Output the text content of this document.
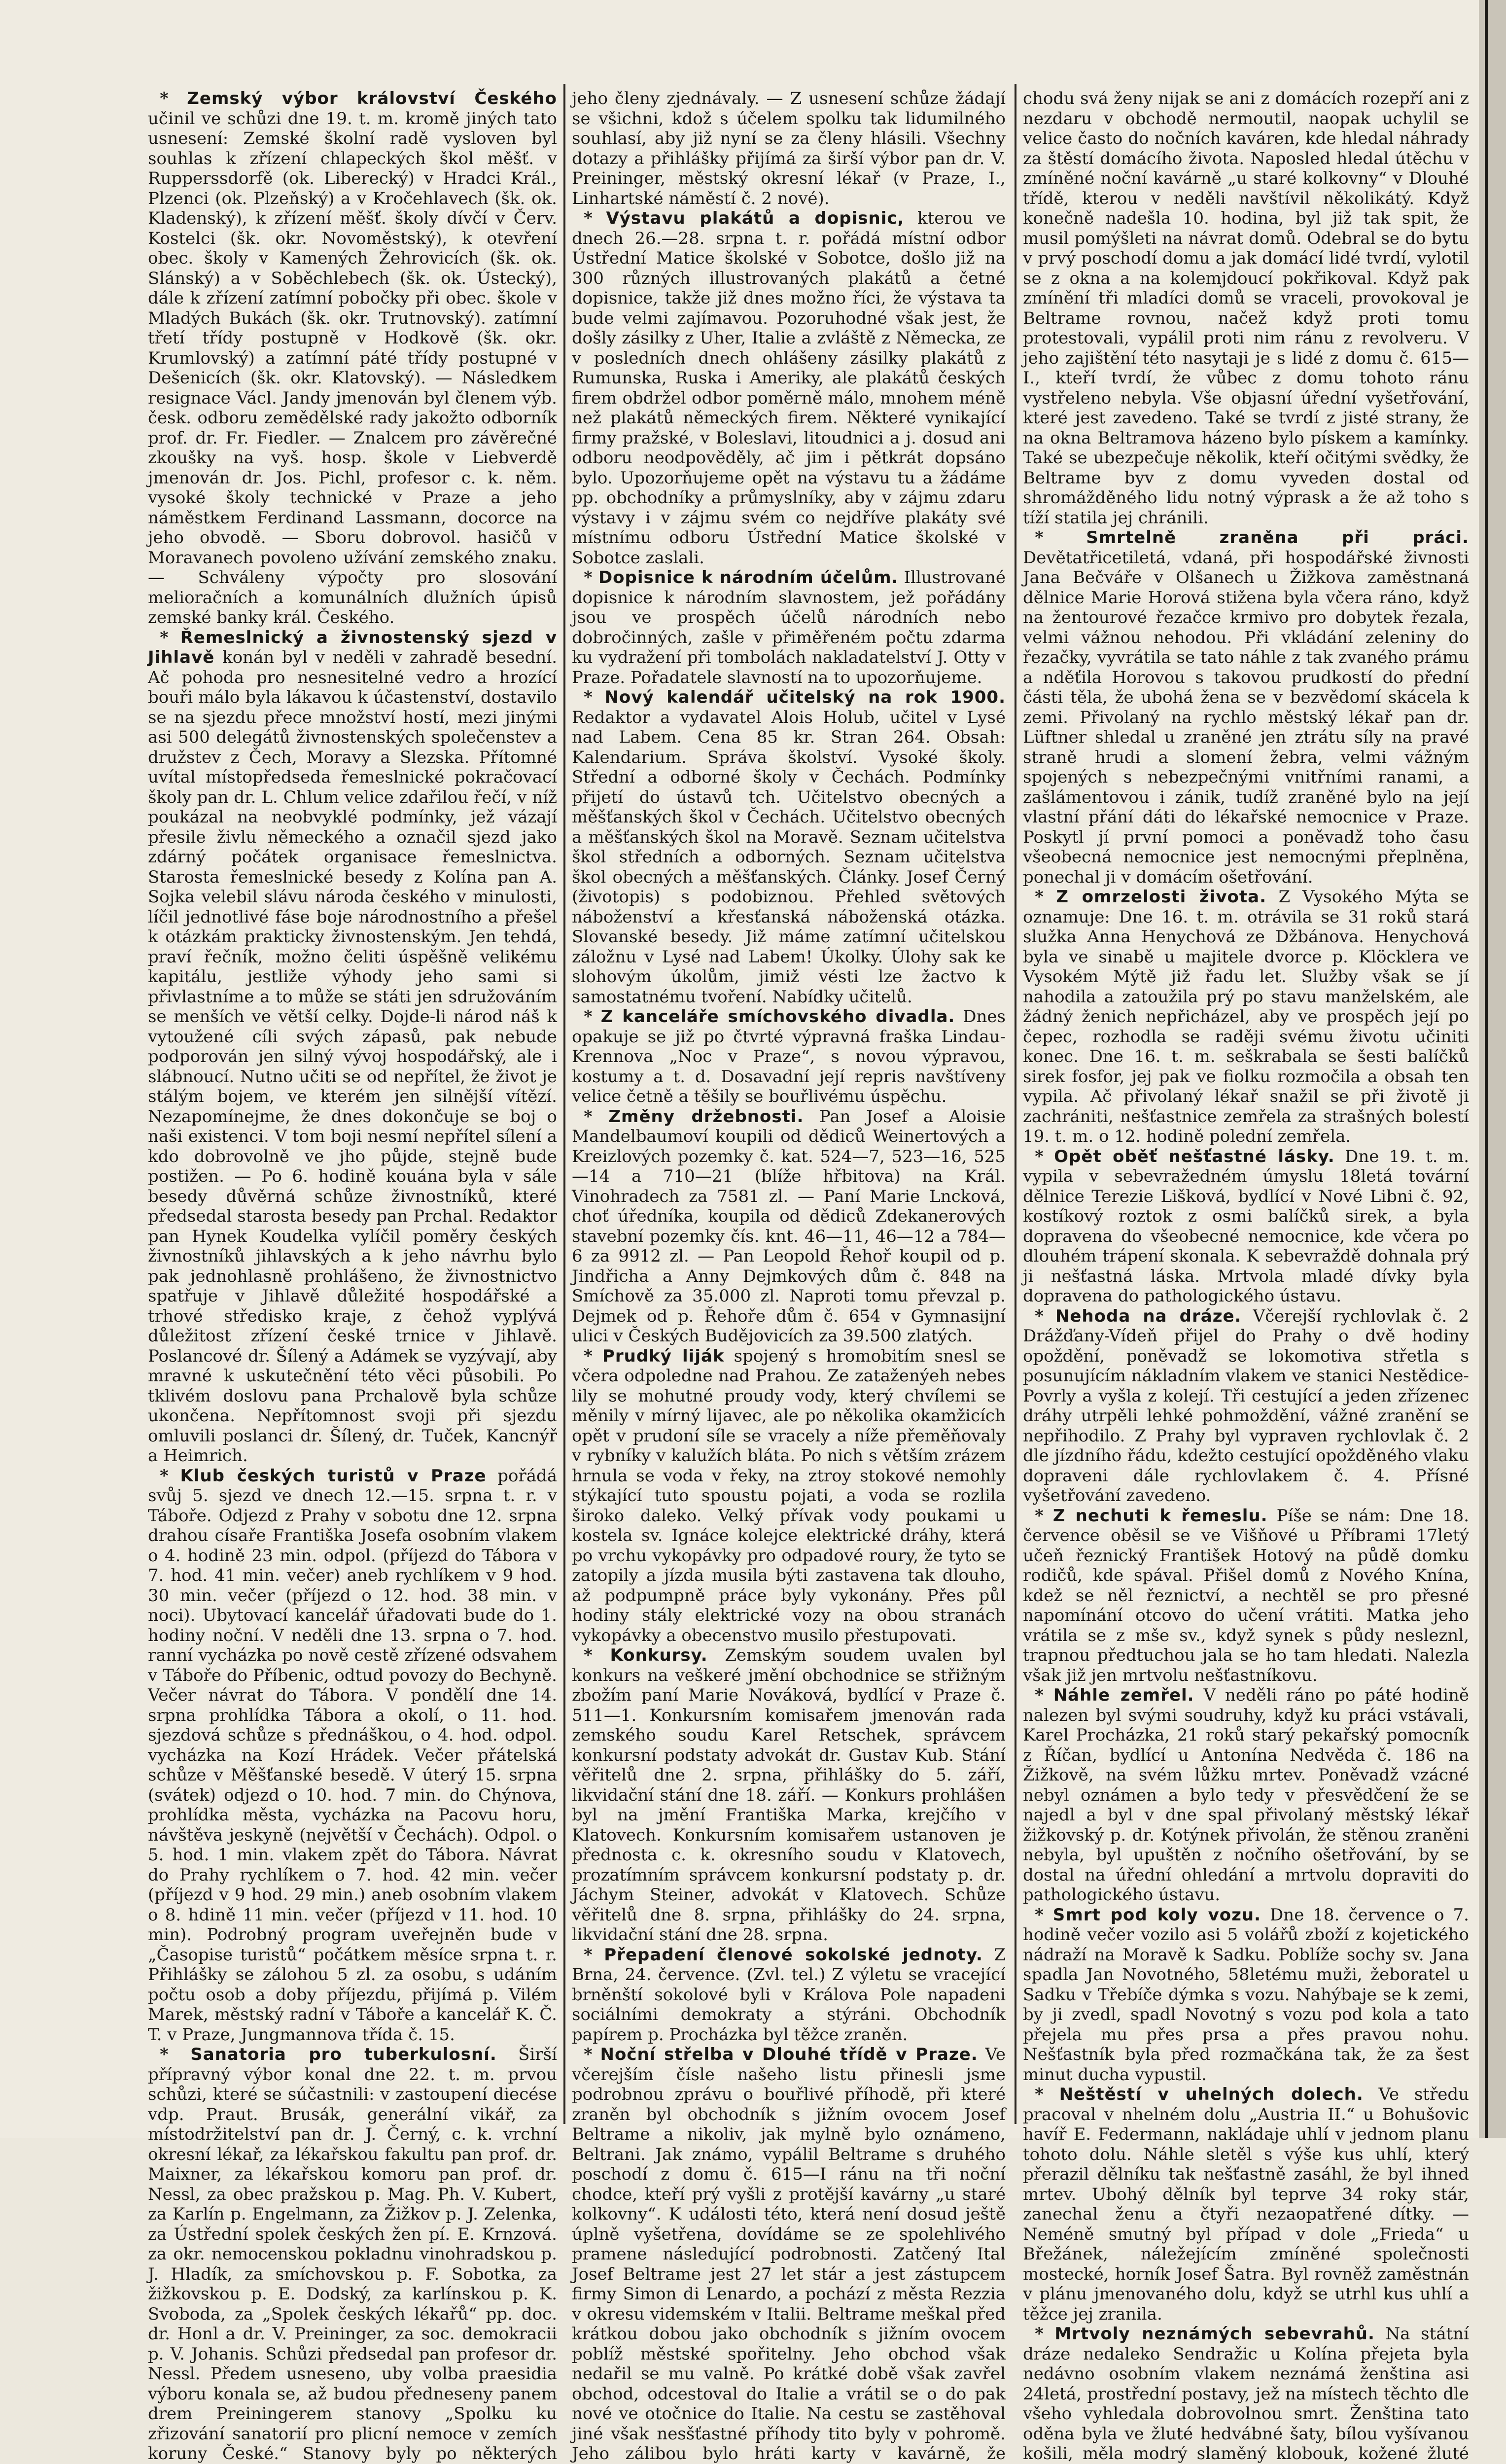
* Zemský výbor království Českého učinil ve schůzi dne 19. t. m. kromě jiných tato usnesení: Zemské školní radě vysloven byl souhlas k zřízení chlapeckých škol měšť. v Rupperssdorfě (ok. Liberecký) v Hradci Král., Plzenci (ok. Plzeňský) a v Kročehlavech (šk. ok. Kladenský), k zřízení měšť. školy dívčí v Červ. Kostelci (šk. okr. Novoměstský), k otevření obec. školy v Kamených Žehrovicích (šk. ok. Slánský) a v Soběchlebech (šk. ok. Ústecký), dále k zřízení zatímní pobočky při obec. škole v Mladých Bukách (šk. okr. Trutnovský). zatímní třetí třídy postupně v Hodkově (šk. okr. Krumlovský) a zatímní páté třídy postupné v Dešenicích (šk. okr. Klatovský). — Následkem resignace Václ. Jandy jmenován byl členem výb. česk. odboru zemědělské rady jakožto odborník prof. dr. Fr. Fiedler. — Znalcem pro závěrečné zkoušky na vyš. hosp. škole v Liebverdě jmenován dr. Jos. Pichl, profesor c. k. něm. vysoké školy technické v Praze a jeho náměstkem Ferdinand Lassmann, docorce na jeho obvodě. — Sboru dobrovol. hasičů v Moravanech povoleno užívání zemského znaku. — Schváleny výpočty pro slosování melioračních a komunálních dlužních úpisů zemské banky král. Českého.

* Řemeslnický a živnostenský sjezd v Jihlavě konán byl v neděli v zahradě besední. Ač pohoda pro nesnesitelné vedro a hrozící bouři málo byla lákavou k účastenství, dostavilo se na sjezdu přece množství hostí, mezi jinými asi 500 delegátů živnostenských společenstev a družstev z Čech, Moravy a Slezska. Přítomné uvítal místopředseda řemeslnické pokračovací školy pan dr. L. Chlum velice zdařilou řečí, v níž poukázal na neobvyklé podmínky, jež vázají přesile živlu německého a označil sjezd jako zdárný počátek organisace řemeslnictva. Starosta řemeslnické besedy z Kolína pan A. Sojka velebil slávu národa českého v minulosti, líčil jednotlivé fáse boje národnostního a přešel k otázkám prakticky živnostenským. Jen tehdá, praví řečník, možno čeliti úspěšně velikému kapitálu, jestliže výhody jeho sami si přivlastníme a to může se státi jen sdružováním se menších ve větší celky. Dojde-li národ náš k vytoužené cíli svých zápasů, pak nebude podporován jen silný vývoj hospodářský, ale i slábnoucí. Nutno učiti se od nepřítel, že život je stálým bojem, ve kterém jen silnější vítězí. Nezapomínejme, že dnes dokončuje se boj o naši existenci. V tom boji nesmí nepřítel sílení a kdo dobrovolně ve jho půjde, stejně bude postižen. — Po 6. hodině kouána byla v sále besedy důvěrná schůze živnostníků, které předsedal starosta besedy pan Prchal. Redaktor pan Hynek Koudelka vylíčil poměry českých živnostníků jihlavských a k jeho návrhu bylo pak jednohlasně prohlášeno, že živnostnictvo spatřuje v Jihlavě důležité hospodářské a trhové středisko kraje, z čehož vyplývá důležitost zřízení české trnice v Jihlavě. Poslancové dr. Šílený a Adámek se vyzývají, aby mravné k uskutečnění této věci působili. Po tklivém doslovu pana Prchalově byla schůze ukončena. Nepřítomnost svoji při sjezdu omluvili poslanci dr. Šílený, dr. Tuček, Kancnýř a Heimrich.

* Klub českých turistů v Praze pořádá svůj 5. sjezd ve dnech 12.—15. srpna t. r. v Táboře. Odjezd z Prahy v sobotu dne 12. srpna drahou císaře Františka Josefa osobním vlakem o 4. hodině 23 min. odpol. (příjezd do Tábora v 7. hod. 41 min. večer) aneb rychlíkem v 9 hod. 30 min. večer (příjezd o 12. hod. 38 min. v noci). Ubytovací kancelář úřadovati bude do 1. hodiny noční. V neděli dne 13. srpna o 7. hod. ranní vycházka po nově cestě zřízené odsvahem v Táboře do Příbenic, odtud povozy do Bechyně. Večer návrat do Tábora. V pondělí dne 14. srpna prohlídka Tábora a okolí, o 11. hod. sjezdová schůze s přednáškou, o 4. hod. odpol. vycházka na Kozí Hrádek. Večer přátelská schůze v Měšťanské besedě. V úterý 15. srpna (svátek) odjezd o 10. hod. 7 min. do Chýnova, prohlídka města, vycházka na Pacovu horu, návštěva jeskyně (největší v Čechách). Odpol. o 5. hod. 1 min. vlakem zpět do Tábora. Návrat do Prahy rychlíkem o 7. hod. 42 min. večer (příjezd v 9 hod. 29 min.) aneb osobním vlakem o 8. hdině 11 min. večer (příjezd v 11. hod. 10 min). Podrobný program uveřejněn bude v „Časopise turistů“ počátkem měsíce srpna t. r. Přihlášky se zálohou 5 zl. za osobu, s udáním počtu osob a doby příjezdu, přijímá p. Vilém Marek, městský radní v Táboře a kancelář K. Č. T. v Praze, Jungmannova třída č. 15.

* Sanatoria pro tuberkulosní. Širší přípravný výbor konal dne 22. t. m. prvou schůzi, které se súčastnili: v zastoupení diecése vdp. Praut. Brusák, generální vikář, za místodržitelství pan dr. J. Černý, c. k. vrchní okresní lékař, za lékařskou fakultu pan prof. dr. Maixner, za lékařskou komoru pan prof. dr. Nessl, za obec pražskou p. Mag. Ph. V. Kubert, za Karlín p. Engelmann, za Žižkov p. J. Zelenka, za Ústřední spolek českých žen pí. E. Krnzová. za okr. nemocenskou pokladnu vinohradskou p. J. Hladík, za smíchovskou p. F. Sobotka, za žižkovskou p. E. Dodský, za karlínskou p. K. Svoboda, za „Spolek českých lékařů“ pp. doc. dr. Honl a dr. V. Preininger, za soc. demokracii p. V. Johanis. Schůzi předsedal pan profesor dr. Nessl. Předem usneseno, uby volba praesidia výboru konala se, až budou předneseny panem drem Preiningerem stanovy „Spolku ku zřizování sanatorií pro plicní nemoce v zemích koruny České.“ Stanovy byly po některých

jeho členy zjednávaly. — Z usnesení schůze žádají se všichni, kdož s účelem spolku tak lidumilného souhlasí, aby již nyní se za členy hlásili. Všechny dotazy a přihlášky přijímá za širší výbor pan dr. V. Preininger, městský okresní lékař (v Praze, I., Linhartské náměstí č. 2 nové).

* Výstavu plakátů a dopisnic, kterou ve dnech 26.—28. srpna t. r. pořádá místní odbor Ústřední Matice školské v Sobotce, došlo již na 300 různých illustrovaných plakátů a četné dopisnice, takže již dnes možno říci, že výstava ta bude velmi zajímavou. Pozoruhodné však jest, že došly zásilky z Uher, Italie a zvláště z Německa, ze v posledních dnech ohlášeny zásilky plakátů z Rumunska, Ruska i Ameriky, ale plakátů českých firem obdržel odbor poměrně málo, mnohem méně než plakátů německých firem. Některé vynikající firmy pražské, v Boleslavi, litoudnici a j. dosud ani odboru neodpověděly, ač jim i pětkrát dopsáno bylo. Upozorňujeme opět na výstavu tu a žádáme pp. obchodníky a průmyslníky, aby v zájmu zdaru výstavy i v zájmu svém co nejdříve plakáty své místnímu odboru Ústřední Matice školské v Sobotce zaslali.

* Dopisnice k národním účelům. Illustrované dopisnice k národním slavnostem, jež pořádány jsou ve prospěch účelů národních nebo dobročinných, zašle v přiměřeném počtu zdarma ku vydražení při tombolách nakladatelství J. Otty v Praze. Pořadatele slavností na to upozorňujeme.

* Nový kalendář učitelský na rok 1900. Redaktor a vydavatel Alois Holub, učitel v Lysé nad Labem. Cena 85 kr. Stran 264. Obsah: Kalendarium. Správa školství. Vysoké školy. Střední a odborné školy v Čechách. Podmínky přijetí do ústavů tch. Učitelstvo obecných a měšťanských škol v Čechách. Učitelstvo obecných a měšťanských škol na Moravě. Seznam učitelstva škol středních a odborných. Seznam učitelstva škol obecných a měšťanských. Články. Josef Černý (životopis) s podobiznou. Přehled světových náboženství a křesťanská náboženská otázka. Slovanské besedy. Již mámе zatímní učitelskou záložnu v Lysé nad Labem! Úkolky. Úlohy sak ke slohovým úkolům, jimiž vésti lze žactvo k samostatnému tvoření. Nabídky učitelů.

* Z kanceláře smíchovského divadla. Dnes opakuje se již po čtvrté výpravná fraška Lindau-Krennova „Noc v Praze“, s novou výpravou, kostumy a t. d. Dosavadní její repris navštíveny velice četně a těšily se bouřlivému úspěchu.

* Změny držebnosti. Pan Josef a Aloisie Mandelbaumoví koupili od dědiců Weinertových a Kreizlových pozemky č. kat. 524—7, 523—16, 525—14 a 710—21 (blíže hřbitova) na Král. Vinohradech za 7581 zl. — Paní Marie Lncková, choť úředníka, koupila od dědiců Zdekanerových stavební pozemky čís. knt. 46—11, 46—12 a 784—6 za 9912 zl. — Pan Leopold Řehoř koupil od p. Jindřicha a Anny Dejmkových dům č. 848 na Smíchově za 35.000 zl. Naproti tomu převzal p. Dejmek od p. Řehoře dům č. 654 v Gymnasijní ulici v Českých Budějovicích za 39.500 zlatých.

* Prudký liják spojený s hromobitím snesl se včera odpoledne nad Prahou. Ze zataženýeh nebes lily se mohutné proudy vody, který chvílemi se měnily v mírný lijavec, ale po několika okamžicích opět v prudoní síle se vracely a níže přeměňovaly v rybníky v kalužích bláta. Po nich s větším zrázem hrnula se voda v řeky, na ztroy stokové nemohly stýkající tuto spoustu pojati, a voda se rozlila široko daleko. Velký přívak vody poukami u kostela sv. Ignáce kolejce elektrické dráhy, která po vrchu vykopávky pro odpadové roury, že tyto se zatopily a jízda musila býti zastavena tak dlouho, až podpumpně práce byly vykonány. Přes půl hodiny stály elektrické vozy na obou stranách vykopávky a obecenstvo musilo přestupovati.

* Konkursy. Zemským soudem uvalen byl konkurs na veškeré jmění obchodnice se střižným zbožím paní Marie Nováková, bydlící v Praze č. 511—1. Konkursním komisařem jmenován rada zemského soudu Karel Retschek, správcem konkursní podstaty advokát dr. Gustav Kub. Stání věřitelů dne 2. srpna, přihlášky do 5. září, likvidační stání dne 18. září. — Konkurs prohlášen byl na jmění Františka Marka, krejčího v Klatovech. Konkursním komisařem ustanoven je přednosta c. k. okresního soudu v Klatovech, prozatímním správcem konkursní podstaty p. dr. Jáchym Steiner, advokát v Klatovech. Schůze věřitelů dne 8. srpna, přihlášky do 24. srpna, likvidační stání dne 28. srpna.

* Přepadení členové sokolské jednoty. Z Brna, 24. července. (Zvl. tel.) Z výletu se vracející brněnští sokolové byli v Králova Pole napadeni sociálními demokraty a stýráni. Obchodník papírem p. Procházka byl těžce zraněn.

* Noční střelba v Dlouhé třídě v Praze. Ve včerejším čísle našeho listu přinesli jsme podrobnou zprávu o bouřlivé příhodě, při které zraněn byl obchodník s jižním ovocem Josef Beltrame a nikoliv, jak mylně bylo oznámeno, Beltrani. Jak známo, vypálil Beltrame s druhého poschodí z domu č. 615—I ránu na tři noční chodce, kteří prý vyšli z protější kavárny „u staré kolkovny“. K události této, která není dosud ještě úplně vyšetřena, dovídáme se ze spolehlivého pramene následující podrobnosti. Zatčený Ital Josef Beltrame jest 27 let stár a jest zástupcem firmy Simon di Lenardo, a pochází z města Rezzia v okresu videmském v Italii. Beltrame meškal před krátkou dobou jako obchodník s jižním ovocem poblíž městské spořitelny. Jeho obchod však nedařil se mu valně. Po krátké době však zavřel obchod, odcestoval do Italie a vrátil se o do pak nové ve otočnice do Italie. Na cestu se zastěhoval jiné však nesšťastné příhody tito byly v pohromě. Jeho zálibou bylo hráti karty v kavárně, že

chodu svá ženy nijak se ani z domácích rozepří ani z nezdaru v obchodě nermoutil, naopak uchylil se velice často do nočních kaváren, kde hledal náhrady za štěstí domácího života. Naposled hledal útěchu v zmíněné noční kavárně „u staré kolkovny“ v Dlouhé třídě, kterou v neděli navštívil několikátý. Když konečně nadešla 10. hodina, byl již tak spit, že musil pomýšleti na návrat domů. Odebral se do bytu v prvý poschodí domu a jak domácí lidé tvrdí, vylotil se z okna a na kolemjdoucí pokřikoval. Když pak zmínění tři mladíci domů se vraceli, provokoval je Beltrame rovnou, načež když proti tomu protestovali, vypálil proti nim ránu z revolveru. V jeho zajištění této nasytaji je s lidé z domu č. 615—I., kteří tvrdí, že vůbec z domu tohoto ránu vystřeleno nebyla. Vše objasní úřední vyšetřování, které jest zavedeno. Také se tvrdí z jisté strany, že na okna Beltramova házeno bylo pískem a kamínky. Také se ubezpečuje několik, kteří očitými svědky, že Beltrame byv z domu vyveden dostal od shromážděného lidu notný výprask a že až toho s tíží statila jej chránili.

* Smrtelně zraněna při práci. Devětatřicetiletá, vdaná, při hospodářské živnosti Jana Bečváře v Olšanech u Žižkova zaměstnaná dělnice Marie Horová stižena byla včera ráno, když na žentourové řezačce krmivo pro dobytek řezala, velmi vážnou nehodou. Při vkládání zeleniny do řezačky, vyvrátila se tato náhle z tak zvaného prámu a nděťila Horovou s takovou prudkostí do přední části těla, že ubohá žena se v bezvědomí skácela k zemi. Přivolaný na rychlo městský lékař pan dr. Lüftner shledal u zraněné jen ztrátu síly na pravé straně hrudi a slomení žebra, velmi vážným spojených s nebezpečnými vnitřními ranami, a zašlámentovou i zánik, tudíž zraněné bylo na její vlastní přání dáti do lékařské nemocnice v Praze. Poskytl jí první pomoci a poněvadž toho času všeobecná nemocnice jest nemocnými přeplněna, ponechal ji v domácím ošetřování.

* Z omrzelosti života. Z Vysokého Mýta se oznamuje: Dne 16. t. m. otrávila se 31 roků stará služka Anna Henychová ze Džbánova. Henychová byla ve sinabě u majitele dvorce p. Klöcklera ve Vysokém Mýtě již řadu let. Služby však se jí nahodila a zatoužila prý po stavu manželském, ale žádný ženich nepřicházel, aby ve prospěch její po čepec, rozhodla se raději svému životu učiniti konec. Dne 16. t. m. seškrabala se šesti balíčků sirek fosfor, jej pak ve fiolku rozmočila a obsah ten vypila. Ač přivolaný lékař snažil se při životě ji zachrániti, nešťastnice zemřela za strašných bolestí 19. t. m. o 12. hodině polední zemřela.

* Opět oběť nešťastné lásky. Dne 19. t. m. vypila v sebevražedném úmyslu 18letá tovární dělnice Terezie Lišková, bydlící v Nové Libni č. 92, kostíkový roztok z osmi balíčků sirek, a byla dopravena do všeobecné nemocnice, kde včera po dlouhém trápení skonala. K sebevraždě dohnala prý ji nešťastná láska. Mrtvola mladé dívky byla dopravena do pathologického ústavu.

* Nehoda na dráze. Včerejší rychlovlak č. 2 Drážďany-Vídeň přijel do Prahy o dvě hodiny opoždění, poněvadž se lokomotiva střetla s posunujícím nákladním vlakem ve stanici Nestědice-Povrly a vyšla z kolejí. Tři cestující a jeden zřízenec dráhy utrpěli lehké pohmoždění, vážné zranění se nepřihodilo. Z Prahy byl vypraven rychlovlak č. 2 dle jízdního řádu, kdežto cestující opožděného vlaku dopraveni dále rychlovlakem č. 4. Přísné vyšetřování zavedeno.

* Z nechuti k řemeslu. Píše se nám: Dne 18. července oběsil se ve Višňové u Příbrami 17letý učeň řeznický František Hotový na půdě domku rodičů, kde spával. Přišel domů z Nového Knína, kdež se něl řeznictví, a nechtěl se pro přesné napomínání otcovo do učení vrátiti. Matka jeho vrátila se z mše sv., když synek s půdy nesleznl, trapnou předtuchou jala se ho tam hledati. Nalezla však již jen mrtvolu nešťastníkovu.

* Náhle zemřel. V neděli ráno po páté hodině nalezen byl svými soudruhy, když ku práci vstávali, Karel Procházka, 21 roků starý pekařský pomocník z Říčan, bydlící u Antonína Nedvěda č. 186 na Žižkově, na svém lůžku mrtev. Poněvadž vzácné nebyl oznámen a bylo tedy v přesvědčení že se najedl a byl v dne spal přivolaný městský lékař žižkovský p. dr. Kotýnek přivolán, že stěnou zraněni nebyla, byl upuštěn z nočního ošetřování, by se dostal na úřední ohledání a mrtvolu dopraviti do pathologického ústavu.

* Smrt pod koly vozu. Dne 18. července o 7. hodině večer vozilo asi 5 volářů zboží z kojetického nádraží na Moravě k Sadku. Poblíže sochy sv. Jana spadla Jan Novotného, 58letému muži, žeboratel u Sadku v Třebíče dýmka s vozu. Nahýbaje se k zemi, by ji zvedl, spadl Novotný s vozu pod kola a tato přejela mu přes prsa a přes pravou nohu. Nešťastník byla před rozmačkána tak, že za šest minut ducha vypustil.

* Neštěstí v uhelných dolech. Ve středu pracoval v nhelném dolu „Austria II.“ u Bohušovic havíř E. Federmann, nakládaje uhlí v jednom planu tohoto dolu. Náhle sletěl s výše kus uhlí, který přerazil dělníku tak nešťastně zasáhl, že byl ihned mrtev. Ubohý dělník byl teprve 34 roky stár, zanechal ženu a čtyři nezaopatřené dítky. — Neméně smutný byl případ v dole „Frieda“ u Břežánek, náležejícím zmíněné společnosti mostecké, horník Josef Šatra. Byl rovněž zaměstnán v plánu jmenovaného dolu, když se utrhl kus uhlí a těžce jej zranila.

* Mrtvoly neznámých sebevrahů. Na státní dráze nedaleko Sendražic u Kolína přejeta byla nedávno osobním vlakem neznámá ženština asi 24letá, prostřední postavy, jež na místech těchto dle všeho vyhledala dobrovolnou smrt. Ženština tato oděna byla ve žluté hedvábné šaty, bílou vyšívanou košili, měla modrý slaměný klobouk, kožené žluté
